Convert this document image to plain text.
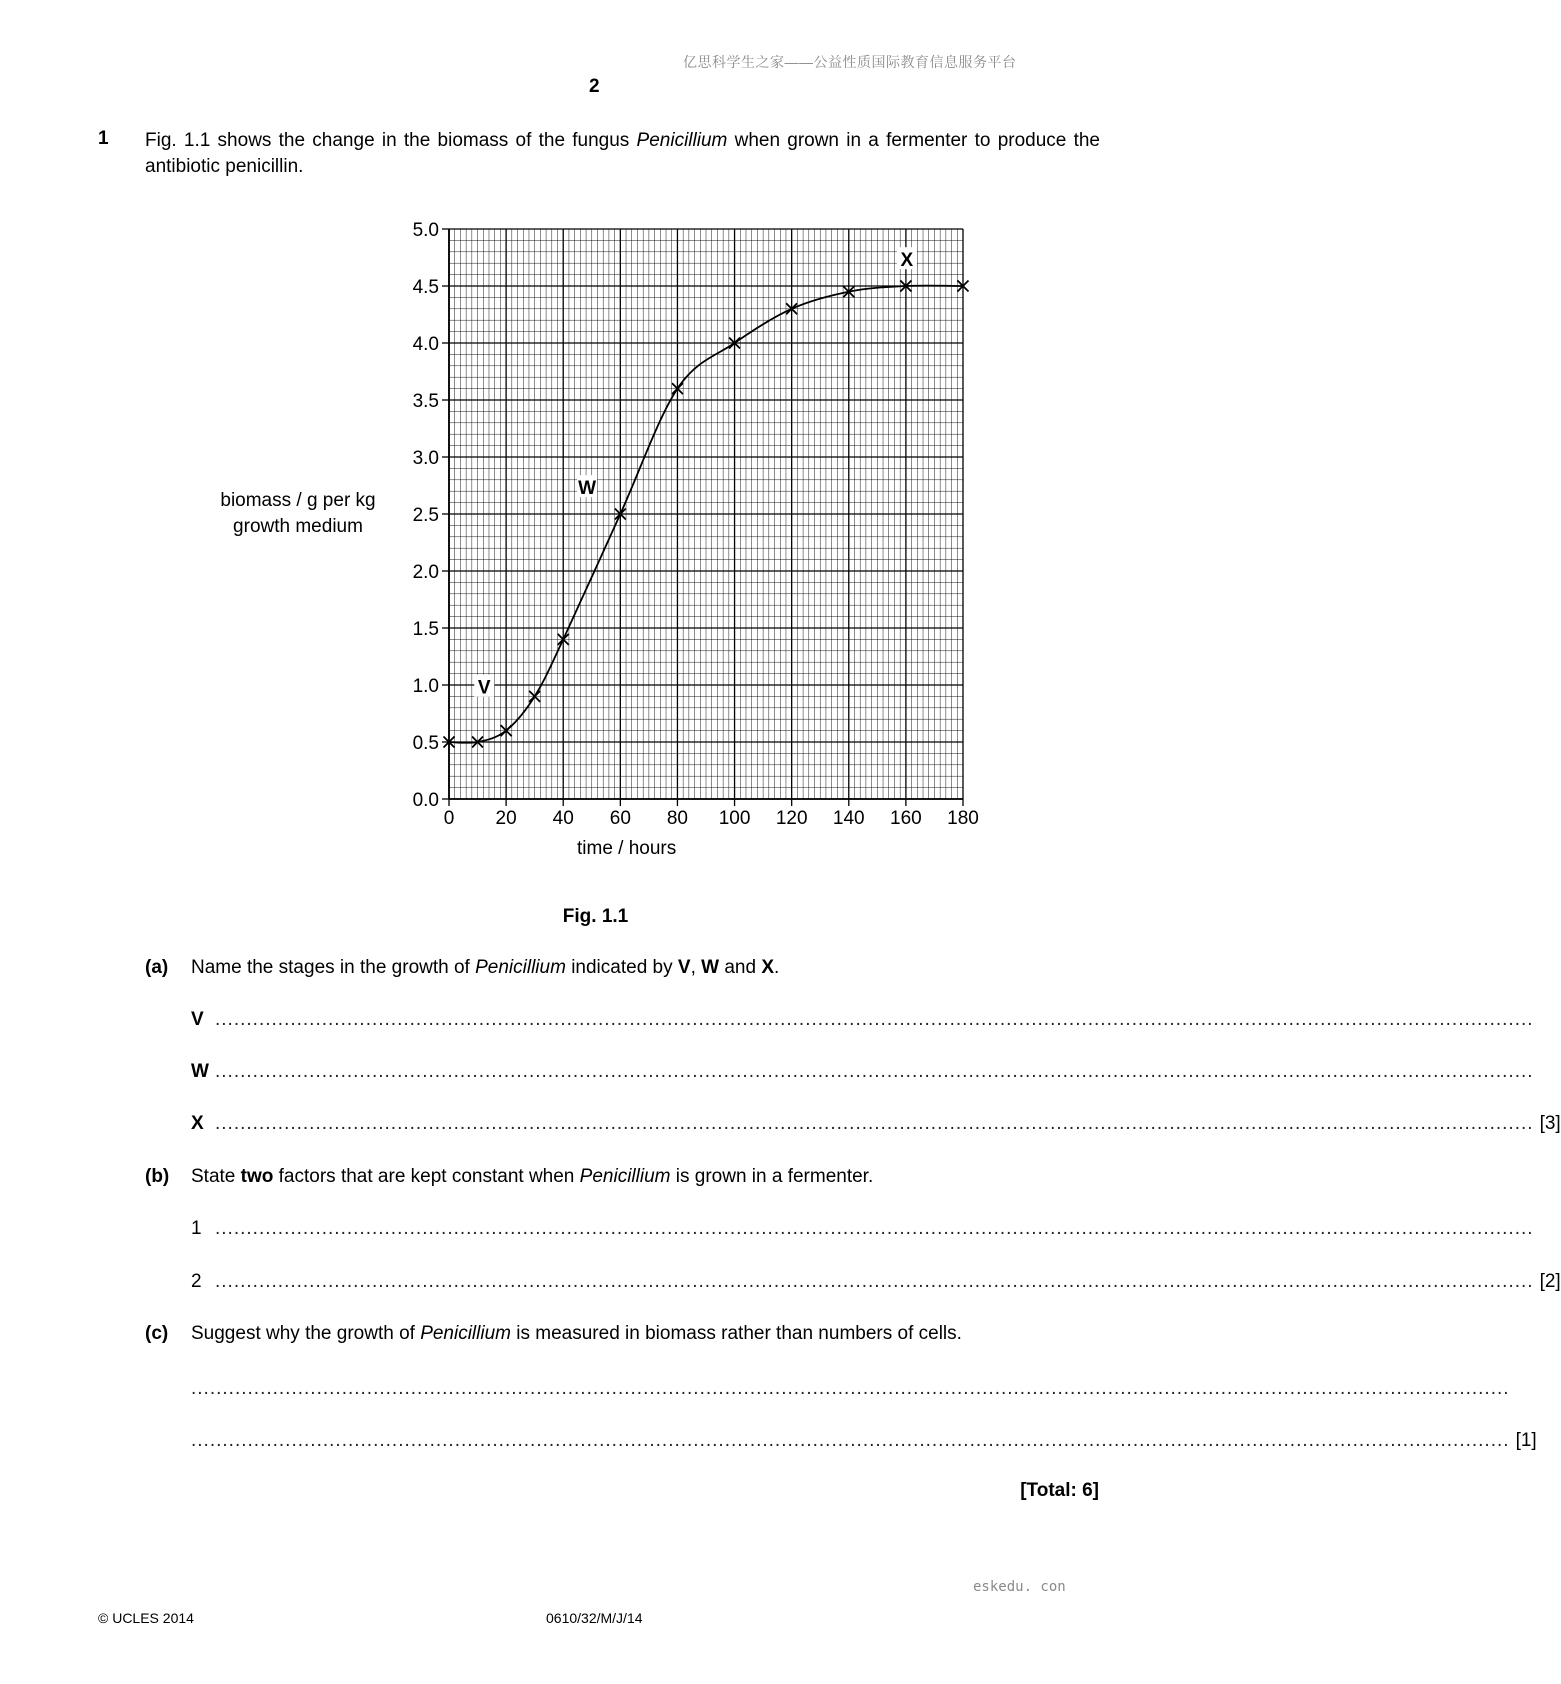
亿思科学生之家——公益性质国际教育信息服务平台
2
1 Fig. 1.1 shows the change in the biomass of the fungus Penicillium when grown in a fermenter to produce the antibiotic penicillin.
biomass / g per kg
growth medium
0 20 40 60 80 100 120 140 160 180
0.0
0.5
1.0
1.5
2.0
2.5
3.0
3.5
4.0
4.5
5.0
V
W
X
time / hours
Fig. 1.1
(a) Name the stages in the growth of Penicillium indicated by V, W and X.
V ..................................................................................................................................................................................................................
W ..................................................................................................................................................................................................................
X .................................................................................................................................................................................................................. [3]
(b) State two factors that are kept constant when Penicillium is grown in a fermenter.
1 ..................................................................................................................................................................................................................
2 .................................................................................................................................................................................................................. [2]
(c) Suggest why the growth of Penicillium is measured in biomass rather than numbers of cells.
..................................................................................................................................................................................................................
.................................................................................................................................................................................................................. [1]
[Total: 6]
eskedu. con
© UCLES 2014	0610/32/M/J/14
